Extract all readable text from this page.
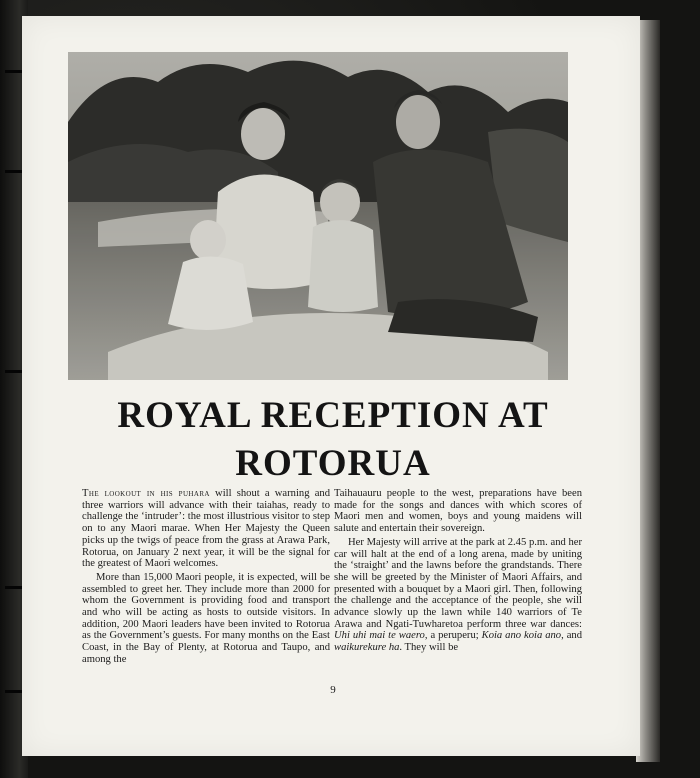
ROYAL RECEPTION AT ROTORUA

The lookout in his puhara will shout a warning and three warriors will advance with their taiahas, ready to challenge the ‘intruder’: the most illustrious visitor to step on to any Maori marae. When Her Majesty the Queen picks up the twigs of peace from the grass at Arawa Park, Rotorua, on January 2 next year, it will be the signal for the greatest of Maori welcomes.

More than 15,000 Maori people, it is expected, will be assembled to greet her. They include more than 2000 for whom the Government is providing food and transport and who will be acting as hosts to outside visitors. In addition, 200 Maori leaders have been invited to Rotorua as the Government’s guests. For many months on the East Coast, in the Bay of Plenty, at Rotorua and Taupo, and among the

Taihauauru people to the west, preparations have been made for the songs and dances with which scores of Maori men and women, boys and young maidens will salute and entertain their sovereign.

Her Majesty will arrive at the park at 2.45 p.m. and her car will halt at the end of a long arena, made by uniting the ‘straight’ and the lawns before the grandstands. There she will be greeted by the Minister of Maori Affairs, and presented with a bouquet by a Maori girl. Then, following the challenge and the acceptance of the people, she will advance slowly up the lawn while 140 warriors of Te Arawa and Ngati-Tuwharetoa perform three war dances: Uhi uhi mai te waero, a peruperu; Koia ano koia ano, and waikurekure ha. They will be

9
